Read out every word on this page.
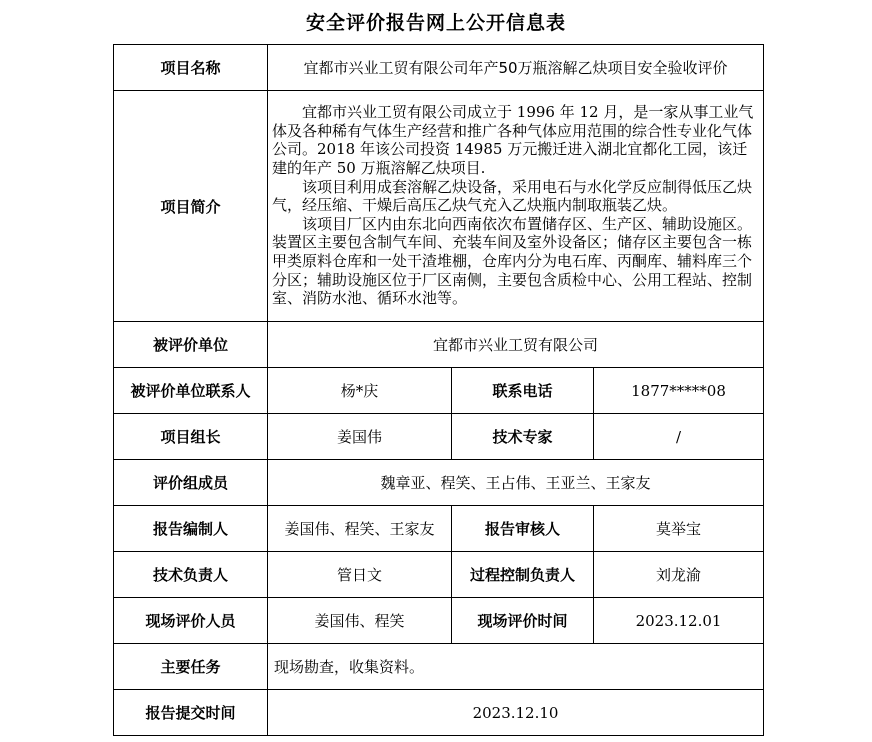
安全评价报告网上公开信息表
项目名称	宜都市兴业工贸有限公司年产50万瓶溶解乙炔项目安全验收评价		
项目简介	宜都市兴业工贸有限公司成立于 1996 年 12 月，是一家从事工业气体及各种稀有气体生产经营和推广各种气体应用范围的综合性专业化气体公司。2018 年该公司投资 14985 万元搬迁进入湖北宜都化工园，该迁建的年产 50 万瓶溶解乙炔项目.

该项目利用成套溶解乙炔设备，采用电石与水化学反应制得低压乙炔气，经压缩、干燥后高压乙炔气充入乙炔瓶内制取瓶装乙炔。

该项目厂区内由东北向西南依次布置储存区、生产区、辅助设施区。装置区主要包含制气车间、充装车间及室外设备区；储存区主要包含一栋甲类原料仓库和一处干渣堆棚，仓库内分为电石库、丙酮库、辅料库三个分区；辅助设施区位于厂区南侧，主要包含质检中心、公用工程站、控制室、消防水池、循环水池等。		

被评价单位	宜都市兴业工贸有限公司		
被评价单位联系人	杨*庆	联系电话	1877*****08
项目组长	姜国伟	技术专家	/
评价组成员	魏章亚、程笑、王占伟、王亚兰、王家友		
报告编制人	姜国伟、程笑、王家友	报告审核人	莫举宝
技术负责人	管日文	过程控制负责人	刘龙渝
现场评价人员	姜国伟、程笑	现场评价时间	2023.12.01
主要任务	现场勘查，收集资料。		
报告提交时间	2023.12.10		
